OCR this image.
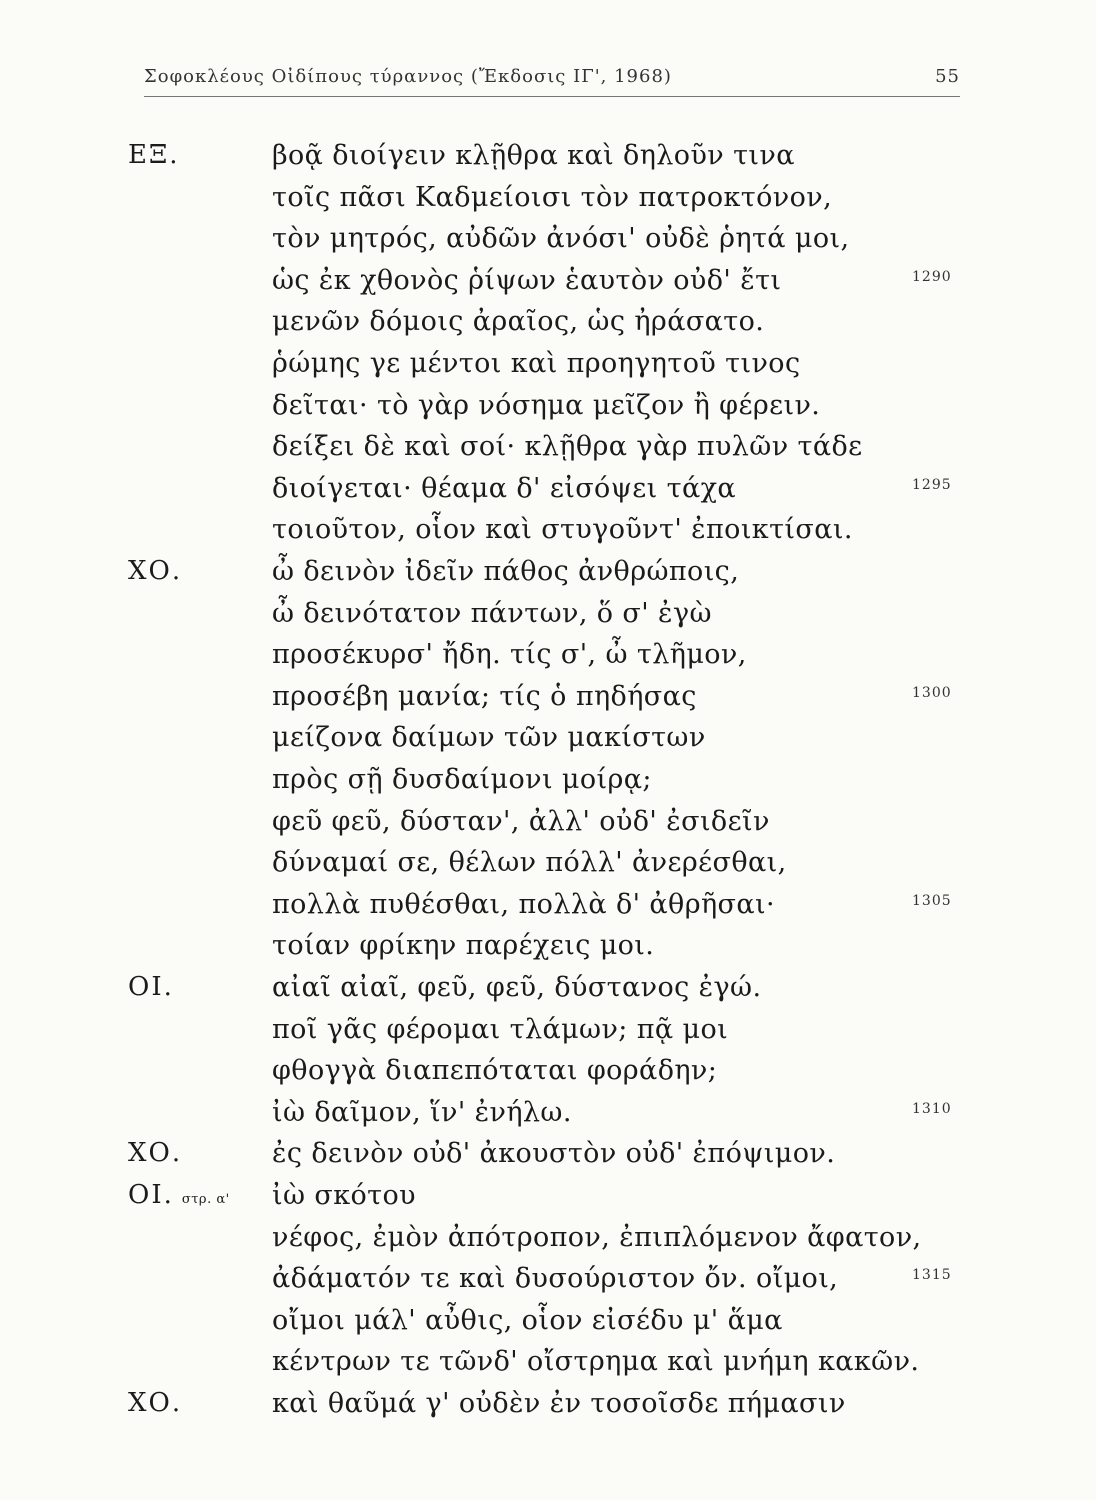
Σοφοκλέους Οἰδίπους τύραννος (Ἔκδοσις ΙΓ', 1968)	55
ΕΞ.	βοᾷ διοίγειν κλῇθρα καὶ δηλοῦν τινα
τοῖς πᾶσι Καδμείοισι τὸν πατροκτόνον,
τὸν μητρός, αὐδῶν ἀνόσι' οὐδὲ ῥητά μοι,
ὡς ἐκ χθονὸς ῥίψων ἑαυτὸν οὐδ' ἔτι	1290
μενῶν δόμοις ἀραῖος, ὡς ἠράσατο.
ῥώμης γε μέντοι καὶ προηγητοῦ τινος
δεῖται· τὸ γὰρ νόσημα μεῖζον ἢ φέρειν.
δείξει δὲ καὶ σοί· κλῇθρα γὰρ πυλῶν τάδε
διοίγεται· θέαμα δ' εἰσόψει τάχα	1295
τοιοῦτον, οἷον καὶ στυγοῦντ' ἐποικτίσαι.
ΧΟ.	ὦ δεινὸν ἰδεῖν πάθος ἀνθρώποις,
ὦ δεινότατον πάντων, ὅ σ' ἐγὼ
προσέκυρσ' ἤδη. τίς σ', ὦ τλῆμον,
προσέβη μανία; τίς ὁ πηδήσας	1300
μείζονα δαίμων τῶν μακίστων
πρὸς σῇ δυσδαίμονι μοίρᾳ;
φεῦ φεῦ, δύσταν', ἀλλ' οὐδ' ἐσιδεῖν
δύναμαί σε, θέλων πόλλ' ἀνερέσθαι,
πολλὰ πυθέσθαι, πολλὰ δ' ἀθρῆσαι·	1305
τοίαν φρίκην παρέχεις μοι.
ΟΙ.	αἰαῖ αἰαῖ, φεῦ, φεῦ, δύστανος ἐγώ.
ποῖ γᾶς φέρομαι τλάμων; πᾷ μοι
φθογγὰ διαπεπόταται φοράδην;
ἰὼ δαῖμον, ἵν' ἐνήλω.	1310
ΧΟ.	ἐς δεινὸν οὐδ' ἀκουστὸν οὐδ' ἐπόψιμον.
ΟΙ. στρ. α' ἰὼ σκότου
νέφος, ἐμὸν ἀπότροπον, ἐπιπλόμενον ἄφατον,
ἀδάματόν τε καὶ δυσούριστον ὄν. οἴμοι,	1315
οἴμοι μάλ' αὖθις, οἷον εἰσέδυ μ' ἅμα
κέντρων τε τῶνδ' οἴστρημα καὶ μνήμη κακῶν.
ΧΟ.	καὶ θαῦμά γ' οὐδὲν ἐν τοσοῖσδε πήμασιν
